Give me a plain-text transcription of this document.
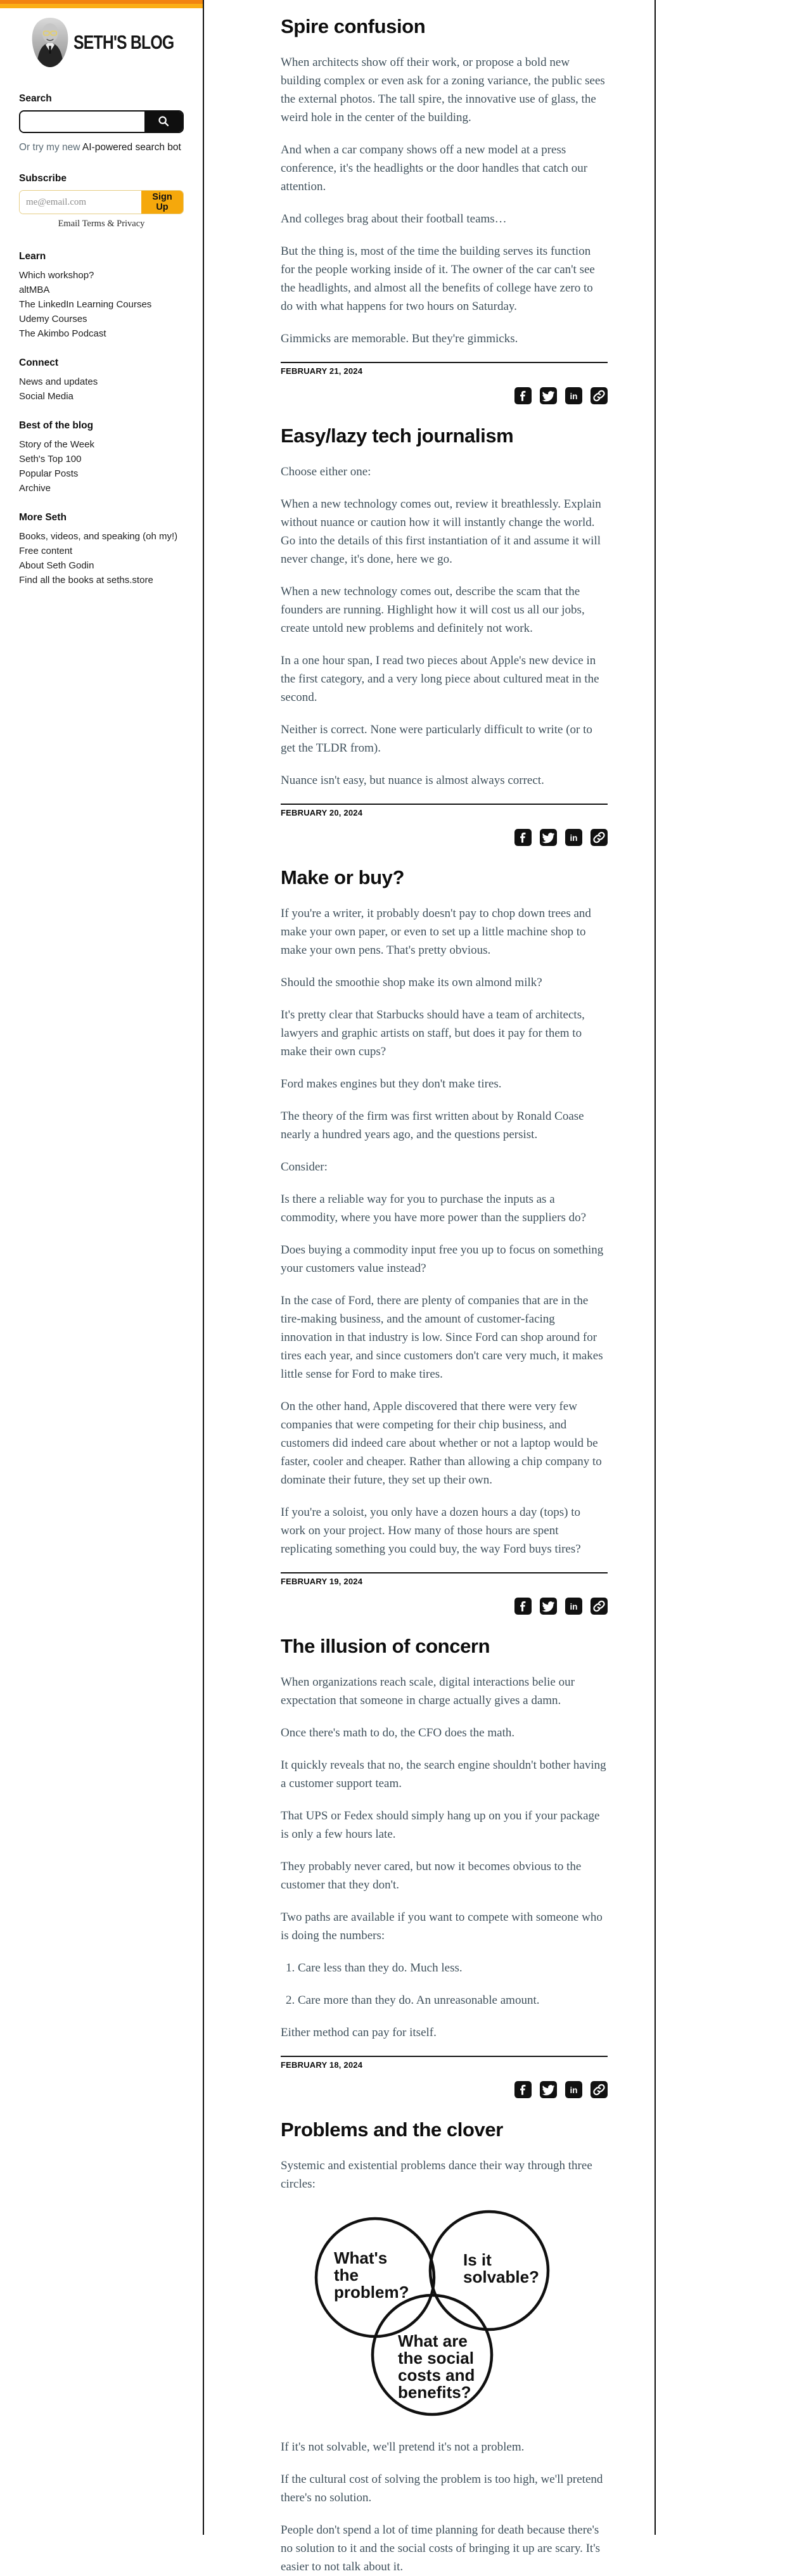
SETH'S BLOG
Search
Or try my new AI-powered search bot
Subscribe
me@email.com
Sign Up
Email Terms & Privacy
Learn
Which workshop?
altMBA
The LinkedIn Learning Courses
Udemy Courses
The Akimbo Podcast
Connect
News and updates
Social Media
Best of the blog
Story of the Week
Seth's Top 100
Popular Posts
Archive
More Seth
Books, videos, and speaking (oh my!)
Free content
About Seth Godin
Find all the books at seths.store
Spire confusion

When architects show off their work, or propose a bold new building complex or even ask for a zoning variance, the public sees the external photos. The tall spire, the innovative use of glass, the weird hole in the center of the building.

And when a car company shows off a new model at a press conference, it's the headlights or the door handles that catch our attention.

And colleges brag about their football teams…

But the thing is, most of the time the building serves its function for the people working inside of it. The owner of the car can't see the headlights, and almost all the benefits of college have zero to do with what happens for two hours on Saturday.

Gimmicks are memorable. But they're gimmicks.

FEBRUARY 21, 2024
in
Easy/lazy tech journalism

Choose either one:

When a new technology comes out, review it breathlessly. Explain without nuance or caution how it will instantly change the world. Go into the details of this first instantiation of it and assume it will never change, it's done, here we go.

When a new technology comes out, describe the scam that the founders are running. Highlight how it will cost us all our jobs, create untold new problems and definitely not work.

In a one hour span, I read two pieces about Apple's new device in the first category, and a very long piece about cultured meat in the second.

Neither is correct. None were particularly difficult to write (or to get the TLDR from).

Nuance isn't easy, but nuance is almost always correct.

FEBRUARY 20, 2024
in
Make or buy?

If you're a writer, it probably doesn't pay to chop down trees and make your own paper, or even to set up a little machine shop to make your own pens. That's pretty obvious.

Should the smoothie shop make its own almond milk?

It's pretty clear that Starbucks should have a team of architects, lawyers and graphic artists on staff, but does it pay for them to make their own cups?

Ford makes engines but they don't make tires.

The theory of the firm was first written about by Ronald Coase nearly a hundred years ago, and the questions persist.

Consider:

Is there a reliable way for you to purchase the inputs as a commodity, where you have more power than the suppliers do?

Does buying a commodity input free you up to focus on something your customers value instead?

In the case of Ford, there are plenty of companies that are in the tire-making business, and the amount of customer-facing innovation in that industry is low. Since Ford can shop around for tires each year, and since customers don't care very much, it makes little sense for Ford to make tires.

On the other hand, Apple discovered that there were very few companies that were competing for their chip business, and customers did indeed care about whether or not a laptop would be faster, cooler and cheaper. Rather than allowing a chip company to dominate their future, they set up their own.

If you're a soloist, you only have a dozen hours a day (tops) to work on your project. How many of those hours are spent replicating something you could buy, the way Ford buys tires?

FEBRUARY 19, 2024
in
The illusion of concern

When organizations reach scale, digital interactions belie our expectation that someone in charge actually gives a damn.

Once there's math to do, the CFO does the math.

It quickly reveals that no, the search engine shouldn't bother having a customer support team.

That UPS or Fedex should simply hang up on you if your package is only a few hours late.

They probably never cared, but now it becomes obvious to the customer that they don't.

Two paths are available if you want to compete with someone who is doing the numbers:

1. Care less than they do. Much less.
2. Care more than they do. An unreasonable amount.

Either method can pay for itself.

FEBRUARY 18, 2024
in
Problems and the clover

Systemic and existential problems dance their way through three circles:

What's
the
problem?
Is it
solvable?
What are
the social
costs and
benefits?

If it's not solvable, we'll pretend it's not a problem.

If the cultural cost of solving the problem is too high, we'll pretend there's no solution.

People don't spend a lot of time planning for death because there's no solution to it and the social costs of bringing it up are scary. It's easier to not talk about it.
